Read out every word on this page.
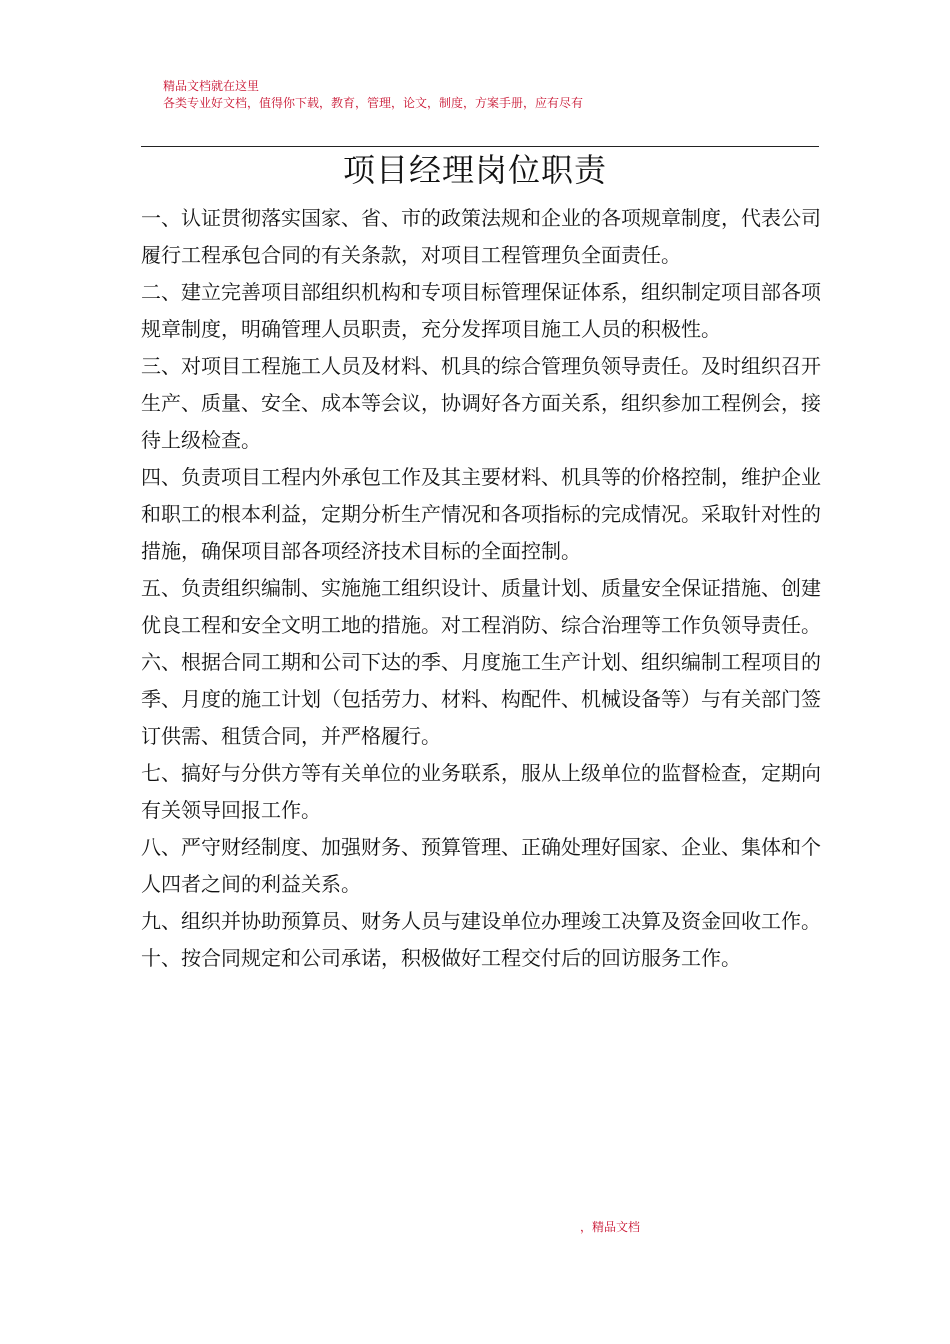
精品文档就在这里
各类专业好文档，值得你下载，教育，管理，论文，制度，方案手册，应有尽有
项目经理岗位职责

一、认证贯彻落实国家、省、市的政策法规和企业的各项规章制度，代表公司履行工程承包合同的有关条款，对项目工程管理负全面责任。

二、建立完善项目部组织机构和专项目标管理保证体系，组织制定项目部各项规章制度，明确管理人员职责，充分发挥项目施工人员的积极性。

三、对项目工程施工人员及材料、机具的综合管理负领导责任。及时组织召开生产、质量、安全、成本等会议，协调好各方面关系，组织参加工程例会，接待上级检查。

四、负责项目工程内外承包工作及其主要材料、机具等的价格控制，维护企业和职工的根本利益，定期分析生产情况和各项指标的完成情况。采取针对性的措施，确保项目部各项经济技术目标的全面控制。

五、负责组织编制、实施施工组织设计、质量计划、质量安全保证措施、创建优良工程和安全文明工地的措施。对工程消防、综合治理等工作负领导责任。

六、根据合同工期和公司下达的季、月度施工生产计划、组织编制工程项目的季、月度的施工计划（包括劳力、材料、构配件、机械设备等）与有关部门签订供需、租赁合同，并严格履行。

七、搞好与分供方等有关单位的业务联系，服从上级单位的监督检查，定期向有关领导回报工作。

八、严守财经制度、加强财务、预算管理、正确处理好国家、企业、集体和个人四者之间的利益关系。

九、组织并协助预算员、财务人员与建设单位办理竣工决算及资金回收工作。

十、按合同规定和公司承诺，积极做好工程交付后的回访服务工作。

，精品文档
